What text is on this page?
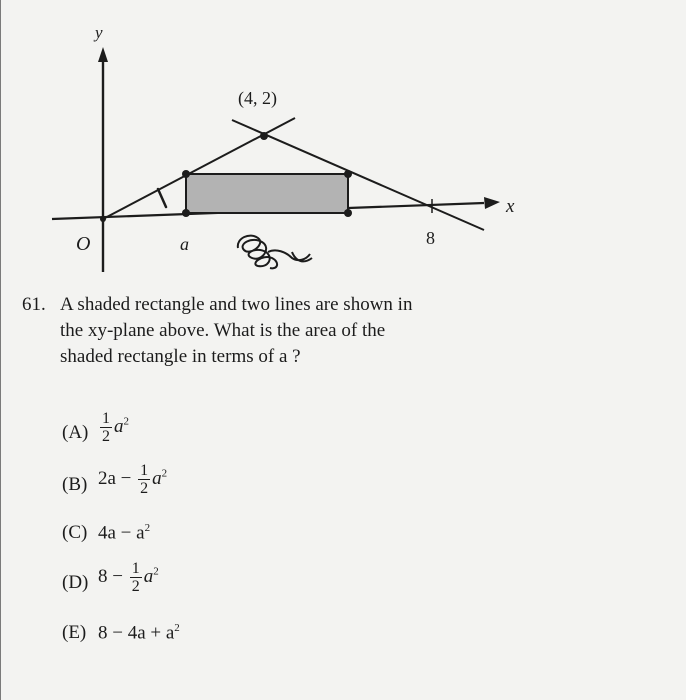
y
x
(4, 2)
O	a	8
61. A shaded rectangle and two lines are shown in
the xy-plane above. What is the area of the
shaded rectangle in terms of a ?
$(A) \frac{1}{2} a^2$
(B) $2a - \frac{1}{2} a^2$
(C) $4a - a^2$
(D) $8 - \frac{1}{2} a^2$
(E) $8 - 4a + a^2$
